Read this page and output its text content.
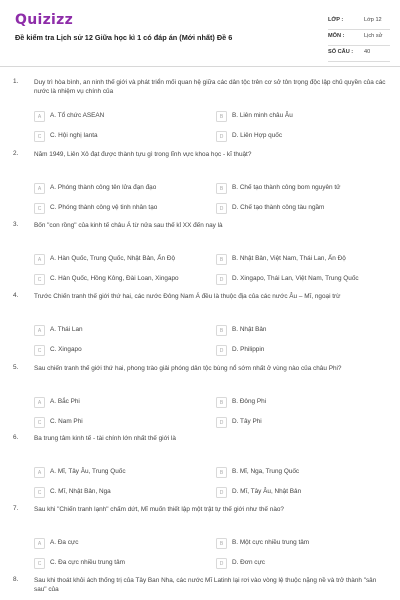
Quizizz
Đề kiểm tra Lịch sử 12 Giữa học kì 1 có đáp án (Mới nhất) Đề 6
LỚP :	Lớp 12
MÔN :	Lịch sử
SỐ CÂU : 40
1. Duy trì hòa bình, an ninh thế giới và phát triển mối quan hệ giữa các dân tộc trên cơ sở tôn trọng độc lập chủ quyền của các nước là nhiệm vụ chính của
A	A. Tổ chức ASEAN	B	B. Liên minh châu Âu
C	C. Hội nghị Ianta	D	D. Liên Hợp quốc
2. Năm 1949, Liên Xô đạt được thành tựu gì trong lĩnh vực khoa học - kĩ thuật?
A	A. Phóng thành công tên lửa đạn đạo	B	B. Chế tạo thành công bom nguyên tử
C	C. Phóng thành công vệ tinh nhân tạo	D	D. Chế tạo thành công tàu ngầm
3. Bốn "con rồng" của kinh tế châu Á từ nửa sau thế kỉ XX đến nay là
A	A. Hàn Quốc, Trung Quốc, Nhật Bản, Ấn Độ	B	B. Nhật Bản, Việt Nam, Thái Lan, Ấn Độ
C	C. Hàn Quốc, Hồng Kông, Đài Loan, Xingapo	D	D. Xingapo, Thái Lan, Việt Nam, Trung Quốc
4. Trước Chiến tranh thế giới thứ hai, các nước Đông Nam Á đều là thuộc địa của các nước Âu – Mĩ, ngoại trừ
A	A. Thái Lan	B	B. Nhật Bản
C	C. Xingapo	D	D. Philippin
5. Sau chiến tranh thế giới thứ hai, phong trào giải phóng dân tộc bùng nổ sớm nhất ở vùng nào của châu Phi?
A	A. Bắc Phi	B	B. Đông Phi
C	C. Nam Phi	D	D. Tây Phi
6. Ba trung tâm kinh tế - tài chính lớn nhất thế giới là
A	A. Mĩ, Tây Âu, Trung Quốc	B	B. Mĩ, Nga, Trung Quốc
C	C. Mĩ, Nhật Bản, Nga	D	D. Mĩ, Tây Âu, Nhật Bản
7. Sau khi "Chiến tranh lạnh" chấm dứt, Mĩ muốn thiết lập một trật tự thế giới như thế nào?
A	A. Đa cực	B	B. Một cực nhiều trung tâm
C	C. Đa cực nhiều trung tâm	D	D. Đơn cực
8. Sau khi thoát khỏi ách thống trị của Tây Ban Nha, các nước Mĩ Latinh lại rơi vào vòng lệ thuộc nặng nề và trở thành "sân sau" của
